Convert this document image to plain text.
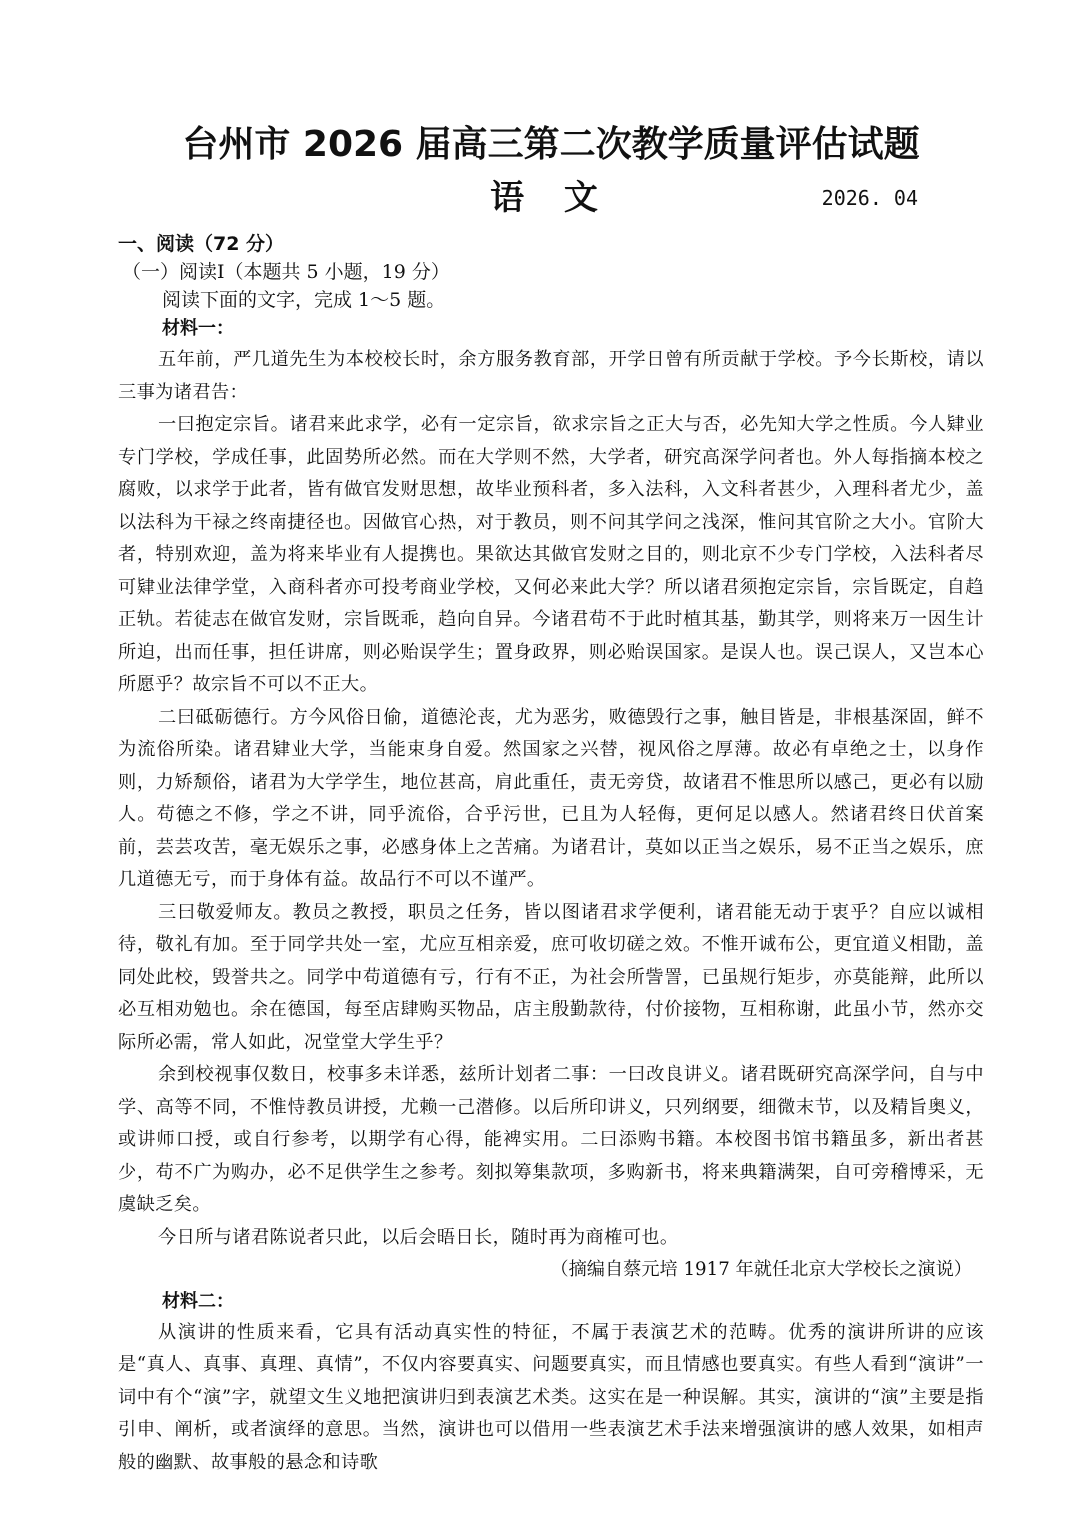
台州市 2026 届高三第二次教学质量评估试题
语 文	2026. 04
一、阅读（72 分）
（一）阅读Ⅰ（本题共 5 小题，19 分）
阅读下面的文字，完成 1～5 题。
材料一：

五年前，严几道先生为本校校长时，余方服务教育部，开学日曾有所贡献于学校。予今长斯校，请以三事为诸君告：

一曰抱定宗旨。诸君来此求学，必有一定宗旨，欲求宗旨之正大与否，必先知大学之性质。今人肄业专门学校，学成任事，此固势所必然。而在大学则不然，大学者，研究高深学问者也。外人每指摘本校之腐败，以求学于此者，皆有做官发财思想，故毕业预科者，多入法科，入文科者甚少，入理科者尤少，盖以法科为干禄之终南捷径也。因做官心热，对于教员，则不问其学问之浅深，惟问其官阶之大小。官阶大者，特别欢迎，盖为将来毕业有人提携也。果欲达其做官发财之目的，则北京不少专门学校，入法科者尽可肄业法律学堂，入商科者亦可投考商业学校，又何必来此大学？所以诸君须抱定宗旨，宗旨既定，自趋正轨。若徒志在做官发财，宗旨既乖，趋向自异。今诸君苟不于此时植其基，勤其学，则将来万一因生计所迫，出而任事，担任讲席，则必贻误学生；置身政界，则必贻误国家。是误人也。误己误人，又岂本心所愿乎？故宗旨不可以不正大。

二曰砥砺德行。方今风俗日偷，道德沦丧，尤为恶劣，败德毁行之事，触目皆是，非根基深固，鲜不为流俗所染。诸君肄业大学，当能束身自爱。然国家之兴替，视风俗之厚薄。故必有卓绝之士，以身作则，力矫颓俗，诸君为大学学生，地位甚高，肩此重任，责无旁贷，故诸君不惟思所以感己，更必有以励人。苟德之不修，学之不讲，同乎流俗，合乎污世，已且为人轻侮，更何足以感人。然诸君终日伏首案前，芸芸攻苦，毫无娱乐之事，必感身体上之苦痛。为诸君计，莫如以正当之娱乐，易不正当之娱乐，庶几道德无亏，而于身体有益。故品行不可以不谨严。

三曰敬爱师友。教员之教授，职员之任务，皆以图诸君求学便利，诸君能无动于衷乎？自应以诚相待，敬礼有加。至于同学共处一室，尤应互相亲爱，庶可收切磋之效。不惟开诚布公，更宜道义相勖，盖同处此校，毁誉共之。同学中苟道德有亏，行有不正，为社会所訾詈，已虽规行矩步，亦莫能辩，此所以必互相劝勉也。余在德国，每至店肆购买物品，店主殷勤款待，付价接物，互相称谢，此虽小节，然亦交际所必需，常人如此，况堂堂大学生乎？

余到校视事仅数日，校事多未详悉，兹所计划者二事：一曰改良讲义。诸君既研究高深学问，自与中学、高等不同，不惟恃教员讲授，尤赖一己潜修。以后所印讲义，只列纲要，细微末节，以及精旨奥义，或讲师口授，或自行参考，以期学有心得，能裨实用。二曰添购书籍。本校图书馆书籍虽多，新出者甚少，苟不广为购办，必不足供学生之参考。刻拟筹集款项，多购新书，将来典籍满架，自可旁稽博采，无虞缺乏矣。

今日所与诸君陈说者只此，以后会晤日长，随时再为商榷可也。

（摘编自蔡元培 1917 年就任北京大学校长之演说）
材料二：

从演讲的性质来看，它具有活动真实性的特征，不属于表演艺术的范畴。优秀的演讲所讲的应该是“真人、真事、真理、真情”，不仅内容要真实、问题要真实，而且情感也要真实。有些人看到“演讲”一词中有个“演”字，就望文生义地把演讲归到表演艺术类。这实在是一种误解。其实，演讲的“演”主要是指引申、阐析，或者演绎的意思。当然，演讲也可以借用一些表演艺术手法来增强演讲的感人效果，如相声般的幽默、故事般的悬念和诗歌
